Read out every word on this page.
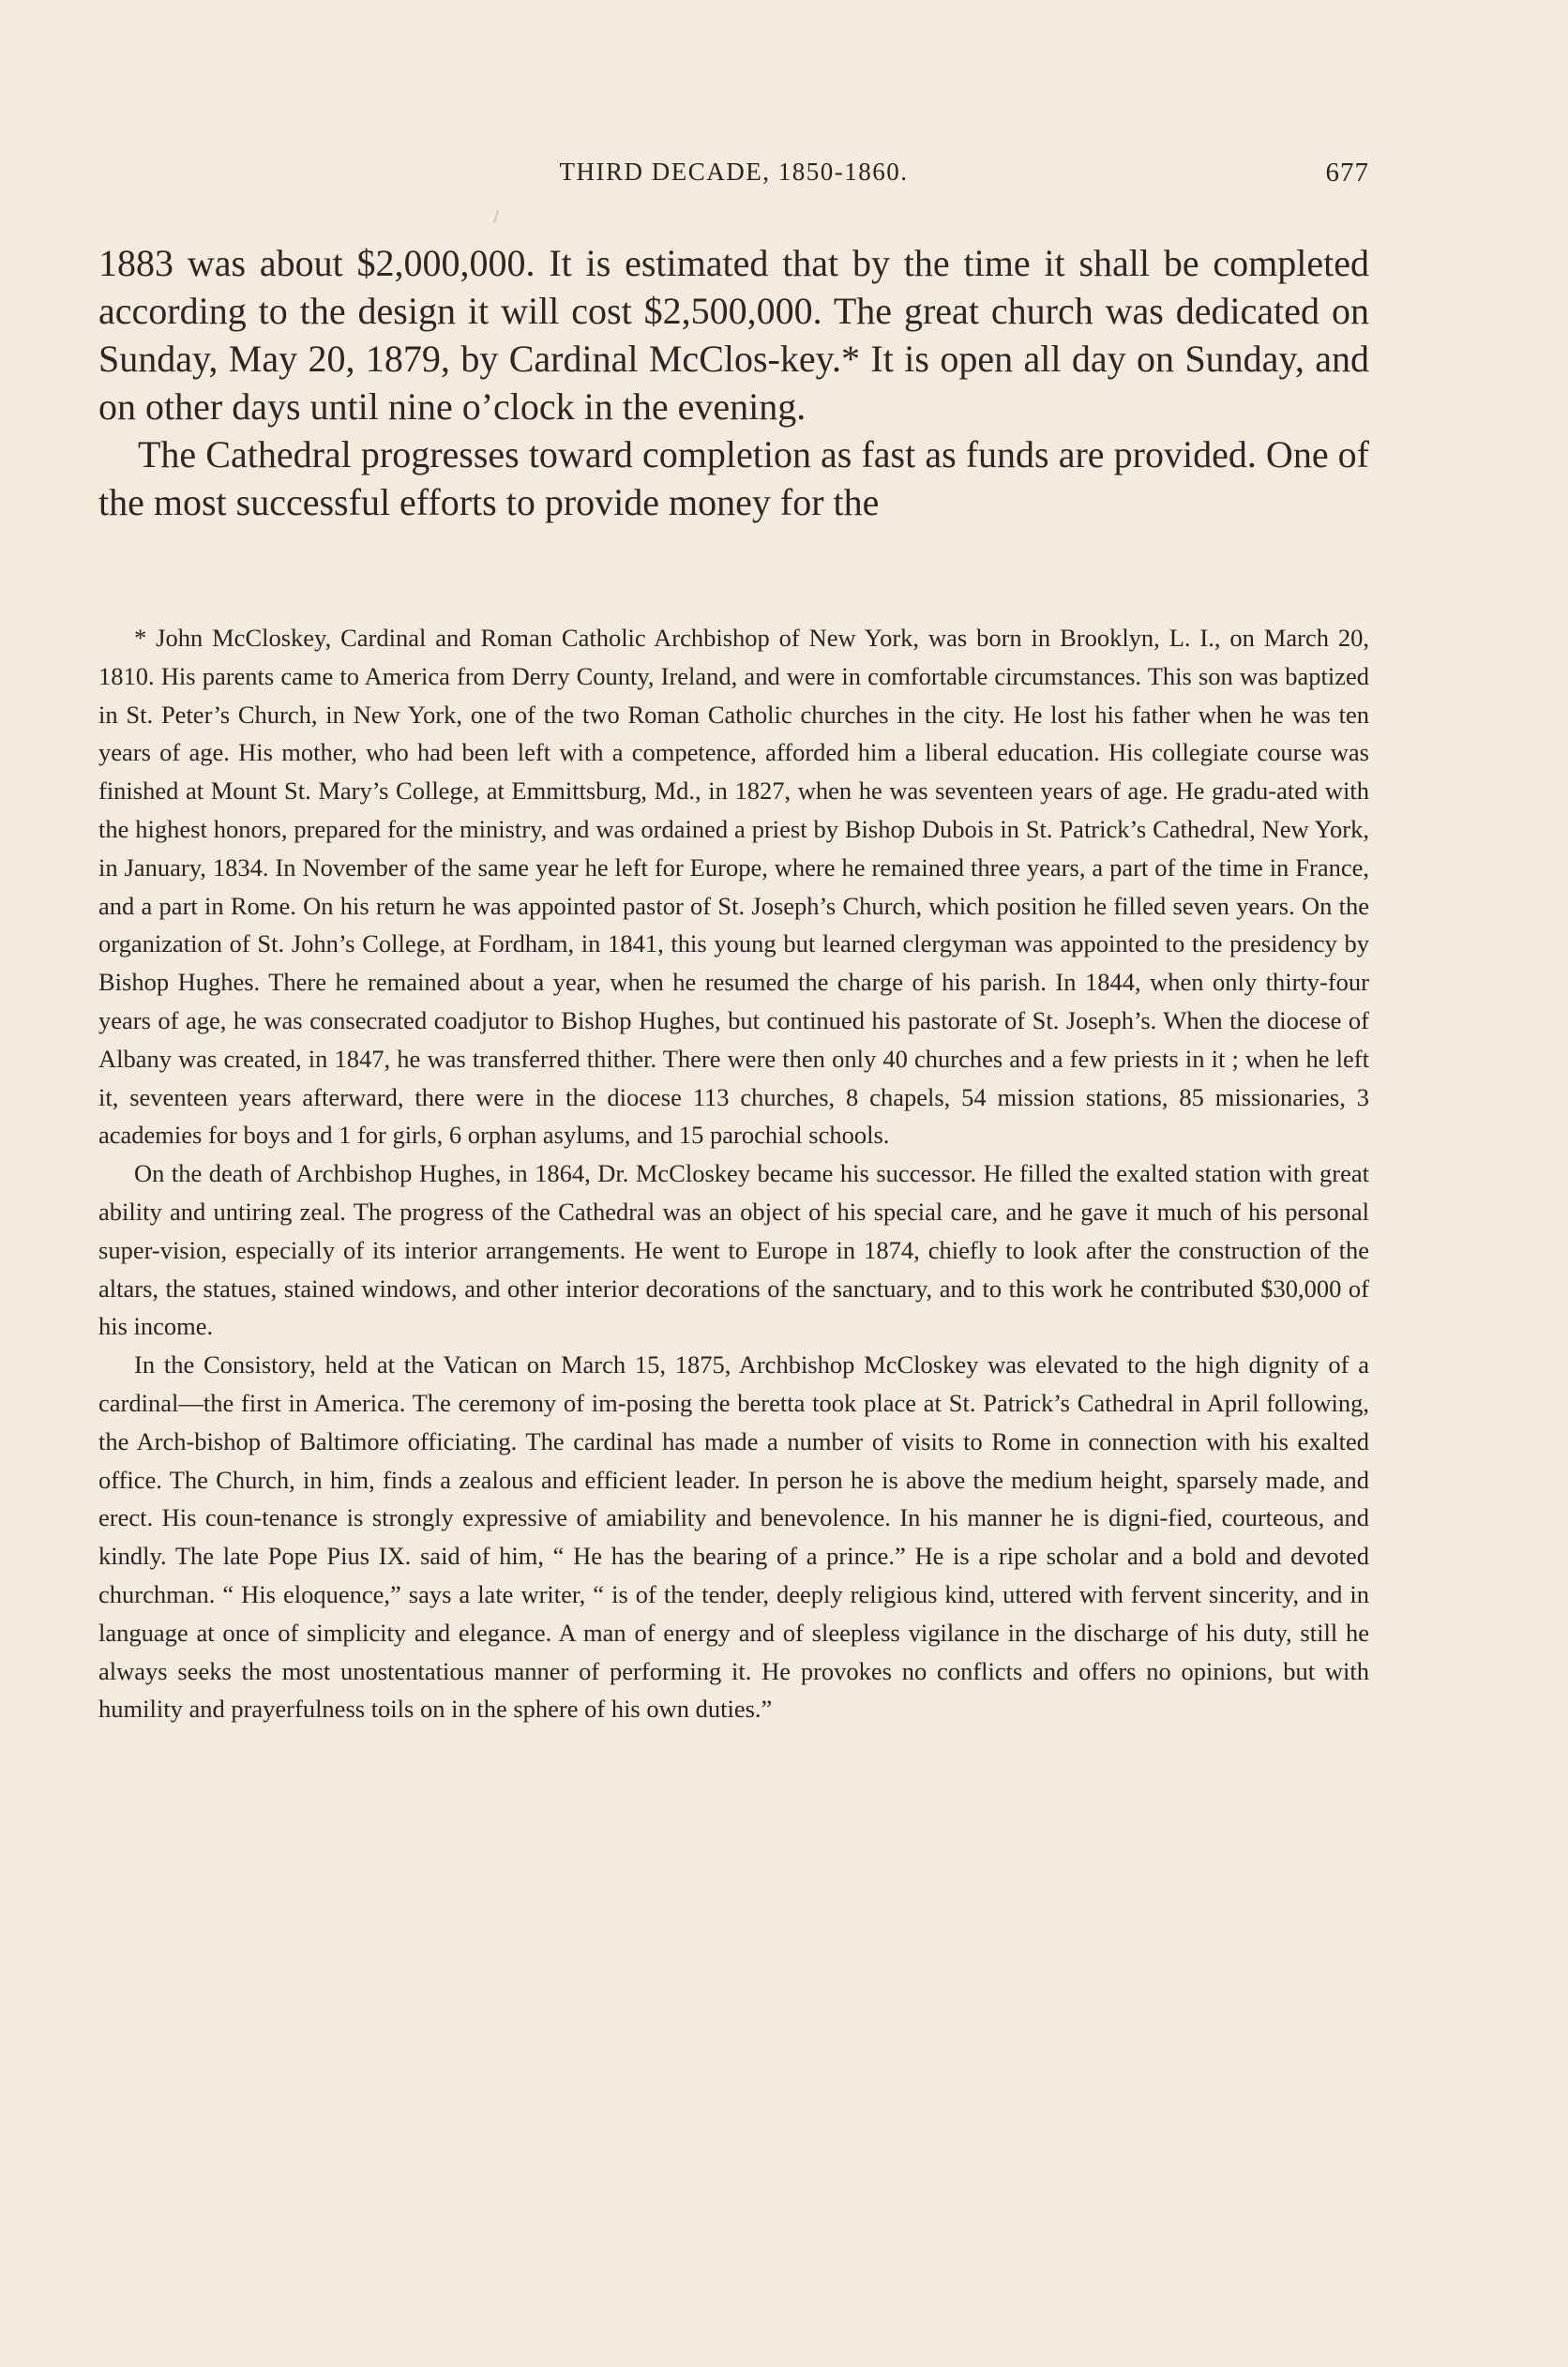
THIRD DECADE, 1850-1860.	677

1883 was about $2,000,000. It is estimated that by the time it shall be completed according to the design it will cost $2,500,000. The great church was dedicated on Sunday, May 20, 1879, by Cardinal McClos-key.* It is open all day on Sunday, and on other days until nine o’clock in the evening.

The Cathedral progresses toward completion as fast as funds are provided. One of the most successful efforts to provide money for the

* John McCloskey, Cardinal and Roman Catholic Archbishop of New York, was born in Brooklyn, L. I., on March 20, 1810. His parents came to America from Derry County, Ireland, and were in comfortable circumstances. This son was baptized in St. Peter’s Church, in New York, one of the two Roman Catholic churches in the city. He lost his father when he was ten years of age. His mother, who had been left with a competence, afforded him a liberal education. His collegiate course was finished at Mount St. Mary’s College, at Emmittsburg, Md., in 1827, when he was seventeen years of age. He gradu-ated with the highest honors, prepared for the ministry, and was ordained a priest by Bishop Dubois in St. Patrick’s Cathedral, New York, in January, 1834. In November of the same year he left for Europe, where he remained three years, a part of the time in France, and a part in Rome. On his return he was appointed pastor of St. Joseph’s Church, which position he filled seven years. On the organization of St. John’s College, at Fordham, in 1841, this young but learned clergyman was appointed to the presidency by Bishop Hughes. There he remained about a year, when he resumed the charge of his parish. In 1844, when only thirty-four years of age, he was consecrated coadjutor to Bishop Hughes, but continued his pastorate of St. Joseph’s. When the diocese of Albany was created, in 1847, he was transferred thither. There were then only 40 churches and a few priests in it ; when he left it, seventeen years afterward, there were in the diocese 113 churches, 8 chapels, 54 mission stations, 85 missionaries, 3 academies for boys and 1 for girls, 6 orphan asylums, and 15 parochial schools.

On the death of Archbishop Hughes, in 1864, Dr. McCloskey became his successor. He filled the exalted station with great ability and untiring zeal. The progress of the Cathedral was an object of his special care, and he gave it much of his personal super-vision, especially of its interior arrangements. He went to Europe in 1874, chiefly to look after the construction of the altars, the statues, stained windows, and other interior decorations of the sanctuary, and to this work he contributed $30,000 of his income.

In the Consistory, held at the Vatican on March 15, 1875, Archbishop McCloskey was elevated to the high dignity of a cardinal—the first in America. The ceremony of im-posing the beretta took place at St. Patrick’s Cathedral in April following, the Arch-bishop of Baltimore officiating. The cardinal has made a number of visits to Rome in connection with his exalted office. The Church, in him, finds a zealous and efficient leader. In person he is above the medium height, sparsely made, and erect. His coun-tenance is strongly expressive of amiability and benevolence. In his manner he is digni-fied, courteous, and kindly. The late Pope Pius IX. said of him, “ He has the bearing of a prince.” He is a ripe scholar and a bold and devoted churchman. “ His eloquence,” says a late writer, “ is of the tender, deeply religious kind, uttered with fervent sincerity, and in language at once of simplicity and elegance. A man of energy and of sleepless vigilance in the discharge of his duty, still he always seeks the most unostentatious manner of performing it. He provokes no conflicts and offers no opinions, but with humility and prayerfulness toils on in the sphere of his own duties.”
